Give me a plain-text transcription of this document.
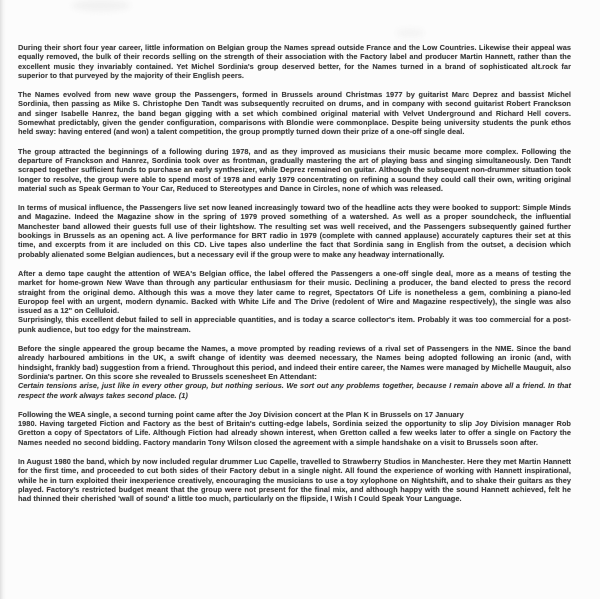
During their short four year career, little information on Belgian group the Names spread outside France and the Low Countries. Likewise their appeal was equally removed, the bulk of their records selling on the strength of their association with the Factory label and producer Martin Hannett, rather than the excellent music they invariably contained. Yet Michel Sordinia's group deserved better, for the Names turned in a brand of sophisticated alt.rock far superior to that purveyed by the majority of their English peers.

The Names evolved from new wave group the Passengers, formed in Brussels around Christmas 1977 by guitarist Marc Deprez and bassist Michel Sordinia, then passing as Mike S. Christophe Den Tandt was subsequently recruited on drums, and in company with second guitarist Robert Franckson and singer Isabelle Hanrez, the band began gigging with a set which combined original material with Velvet Underground and Richard Hell covers. Somewhat predictably, given the gender configuration, comparisons with Blondie were commonplace. Despite being university students the punk ethos held sway: having entered (and won) a talent competition, the group promptly turned down their prize of a one-off single deal.

The group attracted the beginnings of a following during 1978, and as they improved as musicians their music became more complex. Following the departure of Franckson and Hanrez, Sordinia took over as frontman, gradually mastering the art of playing bass and singing simultaneously. Den Tandt scraped together sufficient funds to purchase an early synthesizer, while Deprez remained on guitar. Although the subsequent non-drummer situation took longer to resolve, the group were able to spend most of 1978 and early 1979 concentrating on refining a sound they could call their own, writing original material such as Speak German to Your Car, Reduced to Stereotypes and Dance in Circles, none of which was released.

In terms of musical influence, the Passengers live set now leaned increasingly toward two of the headline acts they were booked to support: Simple Minds and Magazine. Indeed the Magazine show in the spring of 1979 proved something of a watershed. As well as a proper soundcheck, the influential Manchester band allowed their guests full use of their lightshow. The resulting set was well received, and the Passengers subsequently gained further bookings in Brussels as an opening act. A live performance for BRT radio in 1979 (complete with canned applause) accurately captures their set at this time, and excerpts from it are included on this CD. Live tapes also underline the fact that Sordinia sang in English from the outset, a decision which probably alienated some Belgian audiences, but a necessary evil if the group were to make any headway internationally.

After a demo tape caught the attention of WEA's Belgian office, the label offered the Passengers a one-off single deal, more as a means of testing the market for home-grown New Wave than through any particular enthusiasm for their music. Declining a producer, the band elected to press the record straight from the original demo. Although this was a move they later came to regret, Spectators Of Life is nonetheless a gem, combining a piano-led Europop feel with an urgent, modern dynamic. Backed with White Life and The Drive (redolent of Wire and Magazine respectively), the single was also issued as a 12" on Celluloid.
Surprisingly, this excellent debut failed to sell in appreciable quantities, and is today a scarce collector's item. Probably it was too commercial for a post-punk audience, but too edgy for the mainstream.

Before the single appeared the group became the Names, a move prompted by reading reviews of a rival set of Passengers in the NME. Since the band already harboured ambitions in the UK, a swift change of identity was deemed necessary, the Names being adopted following an ironic (and, with hindsight, frankly bad) suggestion from a friend. Throughout this period, and indeed their entire career, the Names were managed by Michelle Mauguit, also Sordinia's partner. On this score she revealed to Brussels scenesheet En Attendant:
Certain tensions arise, just like in every other group, but nothing serious. We sort out any problems together, because I remain above all a friend. In that respect the work always takes second place. (1)

Following the WEA single, a second turning point came after the Joy Division concert at the Plan K in Brussels on 17 January
1980. Having targeted Fiction and Factory as the best of Britain's cutting-edge labels, Sordinia seized the opportunity to slip Joy Division manager Rob Gretton a copy of Spectators of Life. Although Fiction had already shown interest, when Gretton called a few weeks later to offer a single on Factory the Names needed no second bidding. Factory mandarin Tony Wilson closed the agreement with a simple handshake on a visit to Brussels soon after.

In August 1980 the band, which by now included regular drummer Luc Capelle, travelled to Strawberry Studios in Manchester. Here they met Martin Hannett for the first time, and proceeded to cut both sides of their Factory debut in a single night. All found the experience of working with Hannett inspirational, while he in turn exploited their inexperience creatively, encouraging the musicians to use a toy xylophone on Nightshift, and to shake their guitars as they played. Factory's restricted budget meant that the group were not present for the final mix, and although happy with the sound Hannett achieved, felt he had thinned their cherished 'wall of sound' a little too much, particularly on the flipside, I Wish I Could Speak Your Language.
